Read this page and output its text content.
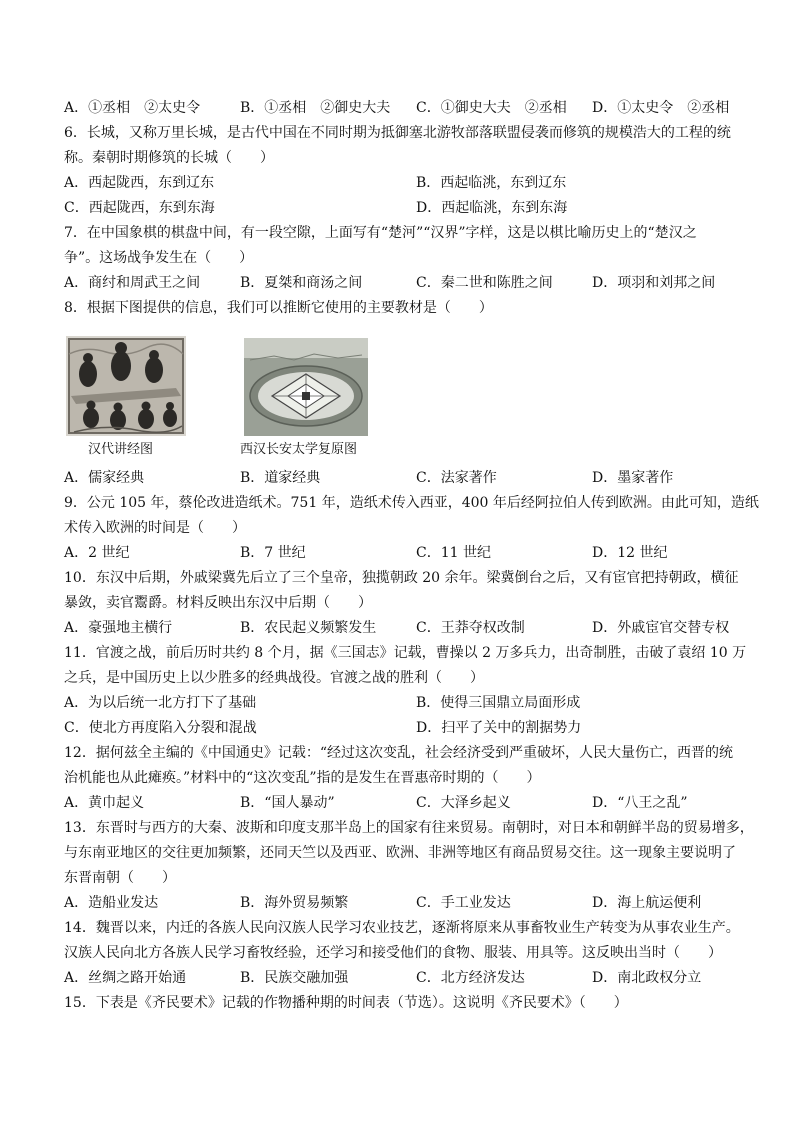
A．①丞相　②太史令	B．①丞相　②御史大夫 C．①御史大夫　②丞相 D．①太史令　②丞相
6．长城，又称万里长城，是古代中国在不同时期为抵御塞北游牧部落联盟侵袭而修筑的规模浩大的工程的统
称。秦朝时期修筑的长城（　　）
A．西起陇西，东到辽东	B．西起临洮，东到辽东
C．西起陇西，东到东海	D．西起临洮，东到东海
7．在中国象棋的棋盘中间，有一段空隙，上面写有“楚河”“汉界”字样，这是以棋比喻历史上的“楚汉之
争”。这场战争发生在（　　）
A．商纣和周武王之间	B．夏桀和商汤之间	C．秦二世和陈胜之间	D．项羽和刘邦之间
8．根据下图提供的信息，我们可以推断它使用的主要教材是（　　）
汉代讲经图	西汉长安太学复原图
A．儒家经典	B．道家经典	C．法家著作	D．墨家著作
9．公元 105 年，蔡伦改进造纸术。751 年，造纸术传入西亚，400 年后经阿拉伯人传到欧洲。由此可知，造纸
术传入欧洲的时间是（　　）
A．2 世纪	B．7 世纪	C．11 世纪	D．12 世纪
10．东汉中后期，外戚梁冀先后立了三个皇帝，独揽朝政 20 余年。梁冀倒台之后，又有宦官把持朝政，横征
暴敛，卖官鬻爵。材料反映出东汉中后期（　　）
A．豪强地主横行	B．农民起义频繁发生	C．王莽夺权改制	D．外戚宦官交替专权
11．官渡之战，前后历时共约 8 个月，据《三国志》记载，曹操以 2 万多兵力，出奇制胜，击破了袁绍 10 万
之兵，是中国历史上以少胜多的经典战役。官渡之战的胜利（　　）
A．为以后统一北方打下了基础	B．使得三国鼎立局面形成
C．使北方再度陷入分裂和混战	D．扫平了关中的割据势力
12．据何兹全主编的《中国通史》记载：“经过这次变乱，社会经济受到严重破坏，人民大量伤亡，西晋的统
治机能也从此瘫痪。”材料中的“这次变乱”指的是发生在晋惠帝时期的（　　）
A．黄巾起义	B．“国人暴动”	C．大泽乡起义	D．“八王之乱”
13．东晋时与西方的大秦、波斯和印度支那半岛上的国家有往来贸易。南朝时，对日本和朝鲜半岛的贸易增多，
与东南亚地区的交往更加频繁，还同天竺以及西亚、欧洲、非洲等地区有商品贸易交往。这一现象主要说明了
东晋南朝（　　）
A．造船业发达	B．海外贸易频繁	C．手工业发达	D．海上航运便利
14．魏晋以来，内迁的各族人民向汉族人民学习农业技艺，逐渐将原来从事畜牧业生产转变为从事农业生产。
汉族人民向北方各族人民学习畜牧经验，还学习和接受他们的食物、服装、用具等。这反映出当时（　　）
A．丝绸之路开始通	B．民族交融加强	C．北方经济发达	D．南北政权分立
15．下表是《齐民要术》记载的作物播种期的时间表（节选）。这说明《齐民要术》（　　）
